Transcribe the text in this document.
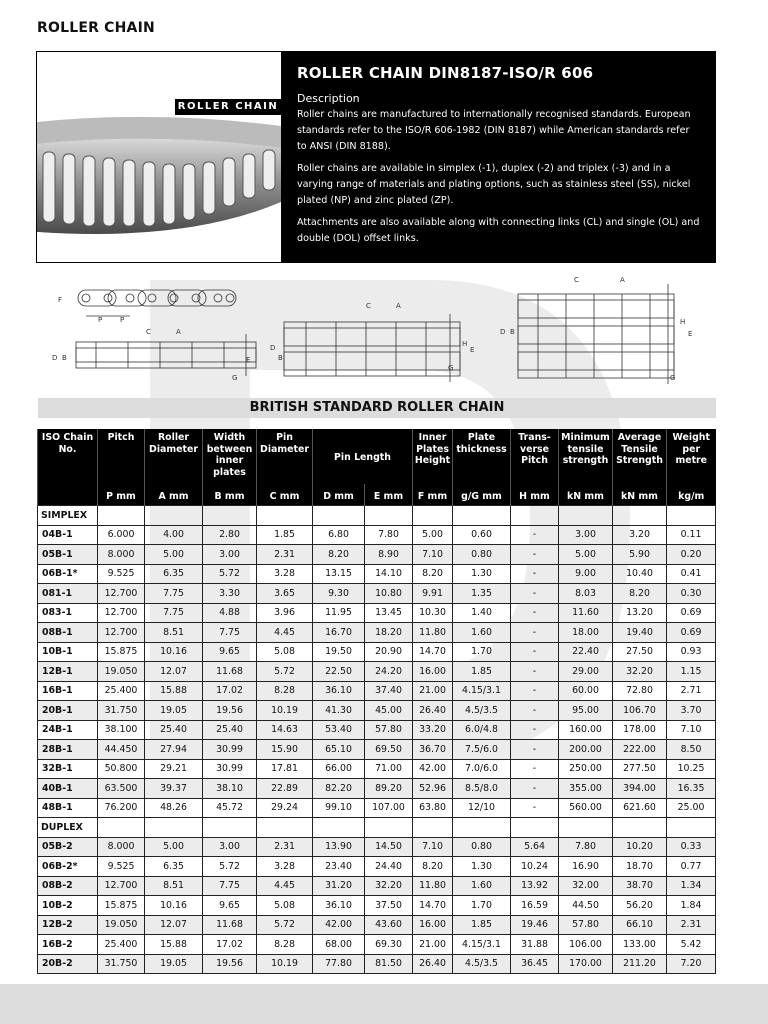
ROLLER CHAIN
ROLLER CHAIN
ROLLER CHAIN DIN8187-ISO/R 606
Description

Roller chains are manufactured to internationally recognised standards. European standards refer to the ISO/R 606-1982 (DIN 8187) while American standards refer to ANSI (DIN 8188).

Roller chains are available in simplex (-1), duplex (-2) and triplex (-3) and in a varying range of materials and plating options, such as stainless steel (SS), nickel plated (NP) and zinc plated (ZP).

Attachments are also available along with connecting links (CL) and single (OL) and double (DOL) offset links.

F
P	P
C	A
D B	E
G
C	A
D
B
H
E
G
C	A
D B
H
E
G
BRITISH STANDARD ROLLER CHAIN
ISO Chain No.	Pitch	Roller Diameter	Width between inner plates	Pin Diameter	Pin Length		Inner Plates Height	Plate thickness	Trans-verse Pitch	Minimum tensile strength	Average Tensile Strength	Weight per metre
	P mm	A mm	B mm	C mm	D mm	E mm	F mm	g/G mm	H mm	kN mm	kN mm	kg/m
SIMPLEX												
04B-1	6.000	4.00	2.80	1.85	6.80	7.80	5.00	0.60	-	3.00	3.20	0.11
05B-1	8.000	5.00	3.00	2.31	8.20	8.90	7.10	0.80	-	5.00	5.90	0.20
06B-1*	9.525	6.35	5.72	3.28	13.15	14.10	8.20	1.30	-	9.00	10.40	0.41
081-1	12.700	7.75	3.30	3.65	9.30	10.80	9.91	1.35	-	8.03	8.20	0.30
083-1	12.700	7.75	4.88	3.96	11.95	13.45	10.30	1.40	-	11.60	13.20	0.69
08B-1	12.700	8.51	7.75	4.45	16.70	18.20	11.80	1.60	-	18.00	19.40	0.69
10B-1	15.875	10.16	9.65	5.08	19.50	20.90	14.70	1.70	-	22.40	27.50	0.93
12B-1	19.050	12.07	11.68	5.72	22.50	24.20	16.00	1.85	-	29.00	32.20	1.15
16B-1	25.400	15.88	17.02	8.28	36.10	37.40	21.00	4.15/3.1	-	60.00	72.80	2.71
20B-1	31.750	19.05	19.56	10.19	41.30	45.00	26.40	4.5/3.5	-	95.00	106.70	3.70
24B-1	38.100	25.40	25.40	14.63	53.40	57.80	33.20	6.0/4.8	-	160.00	178.00	7.10
28B-1	44.450	27.94	30.99	15.90	65.10	69.50	36.70	7.5/6.0	-	200.00	222.00	8.50
32B-1	50.800	29.21	30.99	17.81	66.00	71.00	42.00	7.0/6.0	-	250.00	277.50	10.25
40B-1	63.500	39.37	38.10	22.89	82.20	89.20	52.96	8.5/8.0	-	355.00	394.00	16.35
48B-1	76.200	48.26	45.72	29.24	99.10	107.00	63.80	12/10	-	560.00	621.60	25.00
DUPLEX												
05B-2	8.000	5.00	3.00	2.31	13.90	14.50	7.10	0.80	5.64	7.80	10.20	0.33
06B-2*	9.525	6.35	5.72	3.28	23.40	24.40	8.20	1.30	10.24	16.90	18.70	0.77
08B-2	12.700	8.51	7.75	4.45	31.20	32.20	11.80	1.60	13.92	32.00	38.70	1.34
10B-2	15.875	10.16	9.65	5.08	36.10	37.50	14.70	1.70	16.59	44.50	56.20	1.84
12B-2	19.050	12.07	11.68	5.72	42.00	43.60	16.00	1.85	19.46	57.80	66.10	2.31
16B-2	25.400	15.88	17.02	8.28	68.00	69.30	21.00	4.15/3.1	31.88	106.00	133.00	5.42
20B-2	31.750	19.05	19.56	10.19	77.80	81.50	26.40	4.5/3.5	36.45	170.00	211.20	7.20
